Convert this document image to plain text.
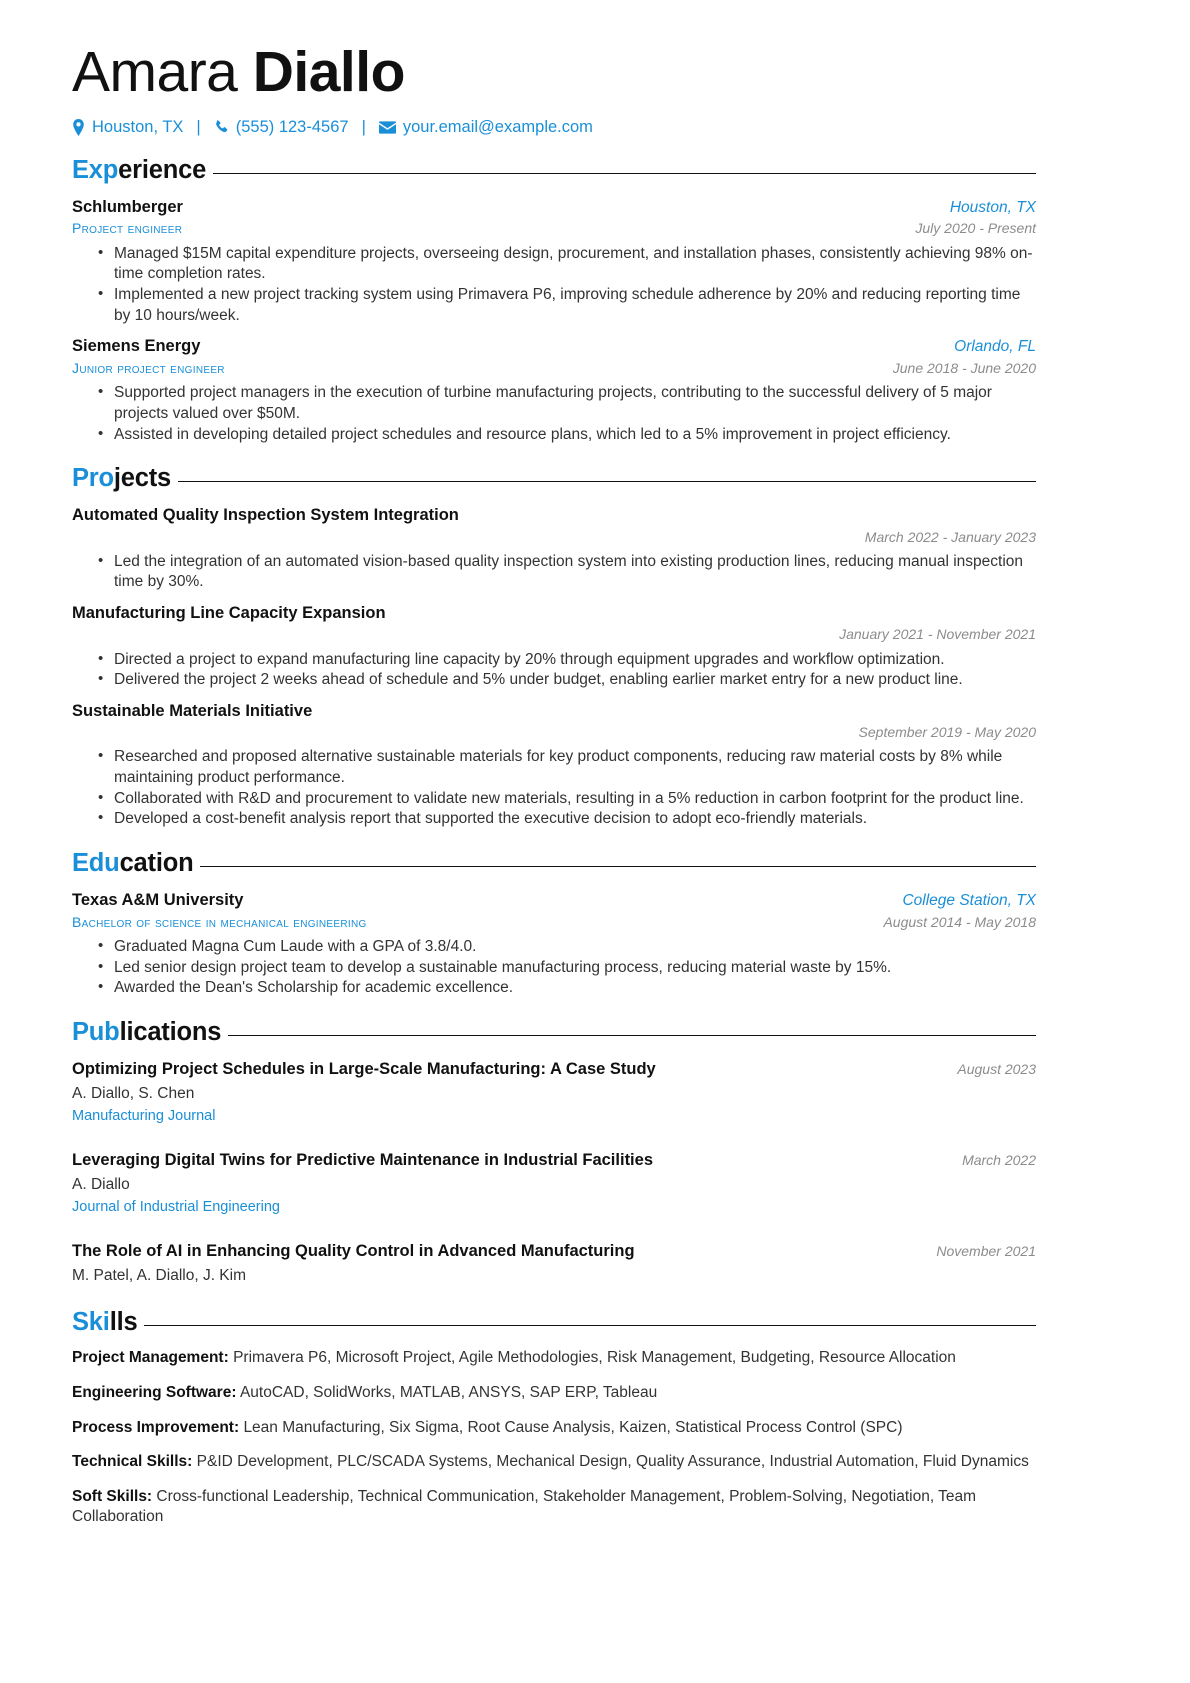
Amara Diallo
Houston, TX |	(555) 123-4567 |	your.email@example.com
Experience
Schlumberger	Houston, TX
Project engineer	July 2020 - Present
• Managed $15M capital expenditure projects, overseeing design, procurement, and installation phases, consistently achieving 98% on-time completion rates.
• Implemented a new project tracking system using Primavera P6, improving schedule adherence by 20% and reducing reporting time by 10 hours/week.
Siemens Energy	Orlando, FL
Junior project engineer	June 2018 - June 2020
• Supported project managers in the execution of turbine manufacturing projects, contributing to the successful delivery of 5 major projects valued over $50M.
• Assisted in developing detailed project schedules and resource plans, which led to a 5% improvement in project efficiency.
Projects
Automated Quality Inspection System Integration
March 2022 - January 2023
• Led the integration of an automated vision-based quality inspection system into existing production lines, reducing manual inspection time by 30%.
Manufacturing Line Capacity Expansion
January 2021 - November 2021
• Directed a project to expand manufacturing line capacity by 20% through equipment upgrades and workflow optimization.
• Delivered the project 2 weeks ahead of schedule and 5% under budget, enabling earlier market entry for a new product line.
Sustainable Materials Initiative
September 2019 - May 2020
• Researched and proposed alternative sustainable materials for key product components, reducing raw material costs by 8% while maintaining product performance.
• Collaborated with R&D and procurement to validate new materials, resulting in a 5% reduction in carbon footprint for the product line.
• Developed a cost-benefit analysis report that supported the executive decision to adopt eco-friendly materials.
Education
Texas A&M University	College Station, TX
Bachelor of science in mechanical engineering	August 2014 - May 2018
• Graduated Magna Cum Laude with a GPA of 3.8/4.0.
• Led senior design project team to develop a sustainable manufacturing process, reducing material waste by 15%.
• Awarded the Dean's Scholarship for academic excellence.
Publications
Optimizing Project Schedules in Large-Scale Manufacturing: A Case Study
A. Diallo, S. Chen
Manufacturing Journal
August 2023
Leveraging Digital Twins for Predictive Maintenance in Industrial Facilities
A. Diallo
Journal of Industrial Engineering
March 2022
The Role of AI in Enhancing Quality Control in Advanced Manufacturing
M. Patel, A. Diallo, J. Kim
November 2021
Skills
Project Management: Primavera P6, Microsoft Project, Agile Methodologies, Risk Management, Budgeting, Resource Allocation
Engineering Software: AutoCAD, SolidWorks, MATLAB, ANSYS, SAP ERP, Tableau
Process Improvement: Lean Manufacturing, Six Sigma, Root Cause Analysis, Kaizen, Statistical Process Control (SPC)
Technical Skills: P&ID Development, PLC/SCADA Systems, Mechanical Design, Quality Assurance, Industrial Automation, Fluid Dynamics
Soft Skills: Cross-functional Leadership, Technical Communication, Stakeholder Management, Problem-Solving, Negotiation, Team Collaboration
